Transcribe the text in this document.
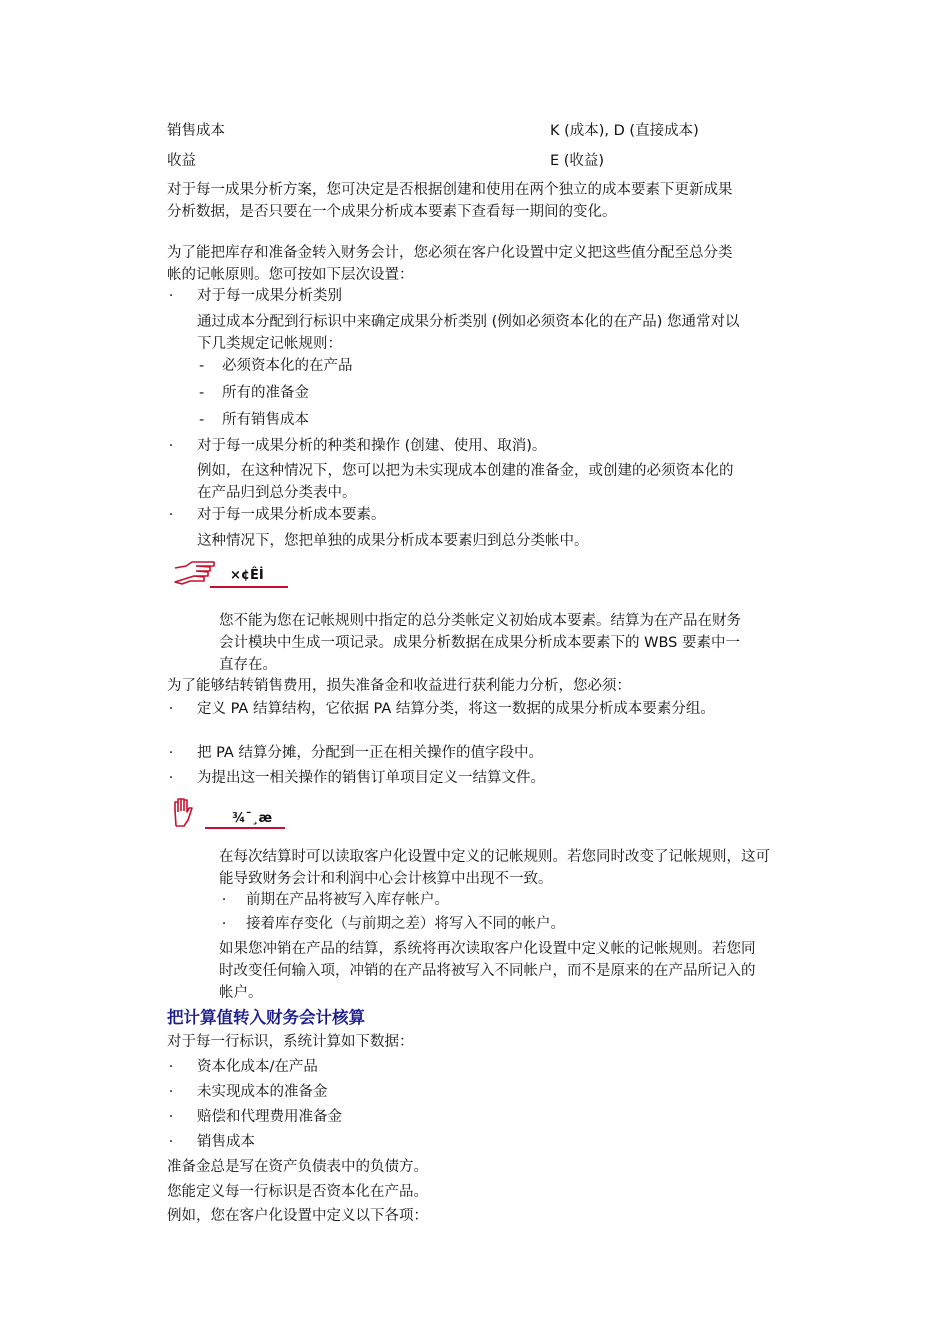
销售成本	K (成本), D (直接成本)
收益	E (收益)
对于每一成果分析方案，您可决定是否根据创建和使用在两个独立的成本要素下更新成果分析数据，是否只要在一个成果分析成本要素下查看每一期间的变化。
为了能把库存和准备金转入财务会计，您必须在客户化设置中定义把这些值分配至总分类帐的记帐原则。您可按如下层次设置：
· 对于每一成果分析类别
通过成本分配到行标识中来确定成果分析类别 (例如必须资本化的在产品) 您通常对以下几类规定记帐规则：
- 必须资本化的在产品
- 所有的准备金
- 所有销售成本
· 对于每一成果分析的种类和操作 (创建、使用、取消)。
例如，在这种情况下，您可以把为未实现成本创建的准备金，或创建的必须资本化的在产品归到总分类表中。
· 对于每一成果分析成本要素。
这种情况下，您把单独的成果分析成本要素归到总分类帐中。
×¢Êİ
您不能为您在记帐规则中指定的总分类帐定义初始成本要素。结算为在产品在财务会计模块中生成一项记录。成果分析数据在成果分析成本要素下的 WBS 要素中一直存在。
为了能够结转销售费用，损失准备金和收益进行获利能力分析，您必须：
· 定义 PA 结算结构，它依据 PA 结算分类，将这一数据的成果分析成本要素分组。
· 把 PA 结算分摊，分配到一正在相关操作的值字段中。
· 为提出这一相关操作的销售订单项目定义一结算文件。
¾¯¸æ
在每次结算时可以读取客户化设置中定义的记帐规则。若您同时改变了记帐规则，这可能导致财务会计和利润中心会计核算中出现不一致。
· 前期在产品将被写入库存帐户。
· 接着库存变化（与前期之差）将写入不同的帐户。
如果您冲销在产品的结算，系统将再次读取客户化设置中定义帐的记帐规则。若您同时改变任何输入项，冲销的在产品将被写入不同帐户，而不是原来的在产品所记入的帐户。
把计算值转入财务会计核算
对于每一行标识，系统计算如下数据：
· 资本化成本/在产品
· 未实现成本的准备金
· 赔偿和代理费用准备金
· 销售成本
准备金总是写在资产负债表中的负债方。
您能定义每一行标识是否资本化在产品。
例如，您在客户化设置中定义以下各项：
